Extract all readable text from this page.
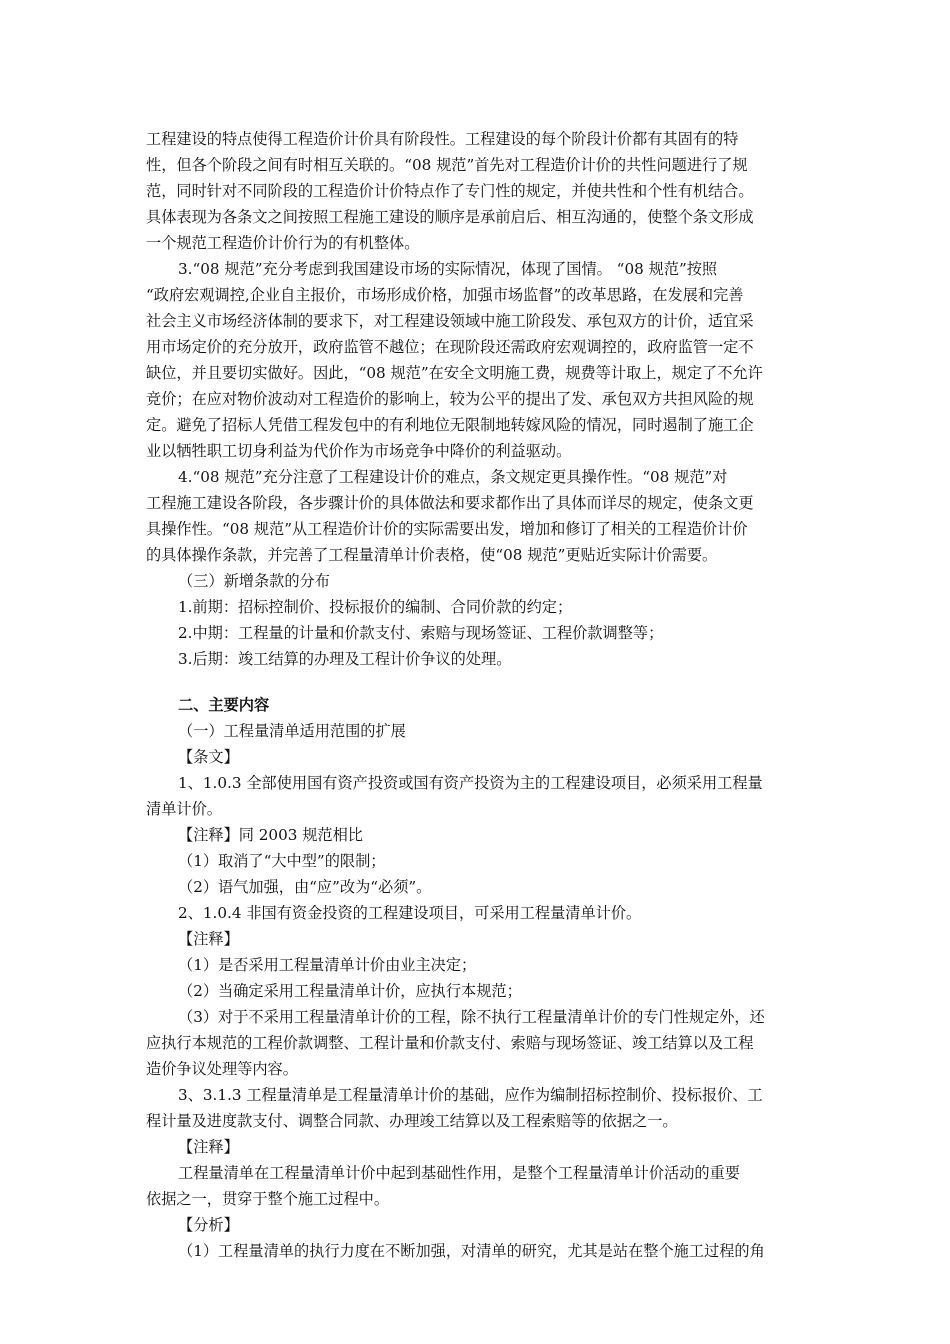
工程建设的特点使得工程造价计价具有阶段性。工程建设的每个阶段计价都有其固有的特
性，但各个阶段之间有时相互关联的。“08 规范”首先对工程造价计价的共性问题进行了规
范，同时针对不同阶段的工程造价计价特点作了专门性的规定，并使共性和个性有机结合。
具体表现为各条文之间按照工程施工建设的顺序是承前启后、相互沟通的，使整个条文形成
一个规范工程造价计价行为的有机整体。
3.“08 规范”充分考虑到我国建设市场的实际情况，体现了国情。 “08 规范”按照
“政府宏观调控,企业自主报价，市场形成价格，加强市场监督”的改革思路，在发展和完善
社会主义市场经济体制的要求下，对工程建设领域中施工阶段发、承包双方的计价，适宜采
用市场定价的充分放开，政府监管不越位；在现阶段还需政府宏观调控的，政府监管一定不
缺位，并且要切实做好。因此，“08 规范”在安全文明施工费，规费等计取上，规定了不允许
竞价；在应对物价波动对工程造价的影响上，较为公平的提出了发、承包双方共担风险的规
定。避免了招标人凭借工程发包中的有利地位无限制地转嫁风险的情况，同时遏制了施工企
业以牺牲职工切身利益为代价作为市场竞争中降价的利益驱动。
4.“08 规范”充分注意了工程建设计价的难点，条文规定更具操作性。“08 规范”对
工程施工建设各阶段，各步骤计价的具体做法和要求都作出了具体而详尽的规定，使条文更
具操作性。“08 规范”从工程造价计价的实际需要出发，增加和修订了相关的工程造价计价
的具体操作条款，并完善了工程量清单计价表格，使“08 规范”更贴近实际计价需要。
（三）新增条款的分布
1.前期：招标控制价、投标报价的编制、合同价款的约定；
2.中期：工程量的计量和价款支付、索赔与现场签证、工程价款调整等；
3.后期：竣工结算的办理及工程计价争议的处理。
二、主要内容
（一）工程量清单适用范围的扩展
【条文】
1、1.0.3 全部使用国有资产投资或国有资产投资为主的工程建设项目，必须采用工程量
清单计价。
【注释】同 2003 规范相比
（1）取消了“大中型”的限制；
（2）语气加强，由“应”改为“必须”。
2、1.0.4 非国有资金投资的工程建设项目，可采用工程量清单计价。
【注释】
（1）是否采用工程量清单计价由业主决定；
（2）当确定采用工程量清单计价，应执行本规范；
（3）对于不采用工程量清单计价的工程，除不执行工程量清单计价的专门性规定外，还
应执行本规范的工程价款调整、工程计量和价款支付、索赔与现场签证、竣工结算以及工程
造价争议处理等内容。
3、3.1.3 工程量清单是工程量清单计价的基础，应作为编制招标控制价、投标报价、工
程计量及进度款支付、调整合同款、办理竣工结算以及工程索赔等的依据之一。
【注释】
工程量清单在工程量清单计价中起到基础性作用，是整个工程量清单计价活动的重要
依据之一，贯穿于整个施工过程中。
【分析】
（1）工程量清单的执行力度在不断加强，对清单的研究，尤其是站在整个施工过程的角
